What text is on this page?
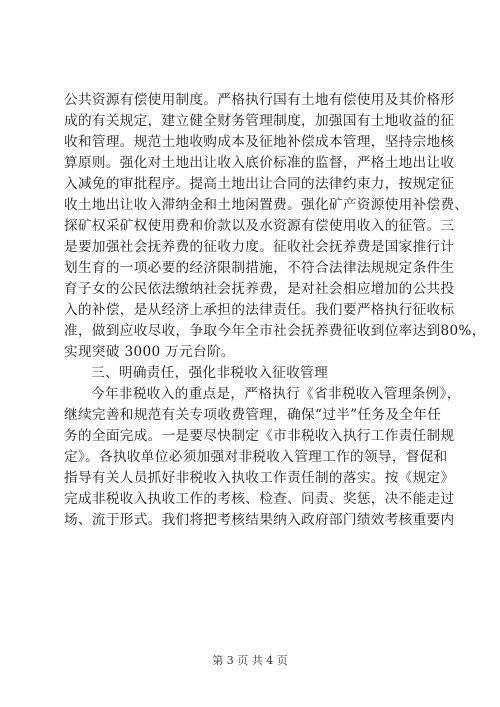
公共资源有偿使用制度。严格执行国有土地有偿使用及其价格形
成的有关规定，建立健全财务管理制度，加强国有土地收益的征
收和管理。规范土地收购成本及征地补偿成本管理，坚持宗地核
算原则。强化对土地出让收入底价标准的监督，严格土地出让收
入减免的审批程序。提高土地出让合同的法律约束力，按规定征
收土地出让收入滞纳金和土地闲置费。强化矿产资源使用补偿费、
探矿权采矿权使用费和价款以及水资源有偿使用收入的征管。三
是要加强社会抚养费的征收力度。征收社会抚养费是国家推行计
划生育的一项必要的经济限制措施，不符合法律法规规定条件生
育子女的公民依法缴纳社会抚养费，是对社会相应增加的公共投
入的补偿，是从经济上承担的法律责任。我们要严格执行征收标
准，做到应收尽收，争取今年全市社会抚养费征收到位率达到80%，
实现突破 3000 万元台阶。
三、明确责任，强化非税收入征收管理
今年非税收入的重点是，严格执行《省非税收入管理条例》，
继续完善和规范有关专项收费管理，确保“过半”任务及全年任
务的全面完成。一是要尽快制定《市非税收入执行工作责任制规
定》。各执收单位必须加强对非税收入管理工作的领导，督促和
指导有关人员抓好非税收入执收工作责任制的落实。按《规定》
完成非税收入执收工作的考核、检查、问责、奖惩，决不能走过
场、流于形式。我们将把考核结果纳入政府部门绩效考核重要内
第 3 页 共 4 页
